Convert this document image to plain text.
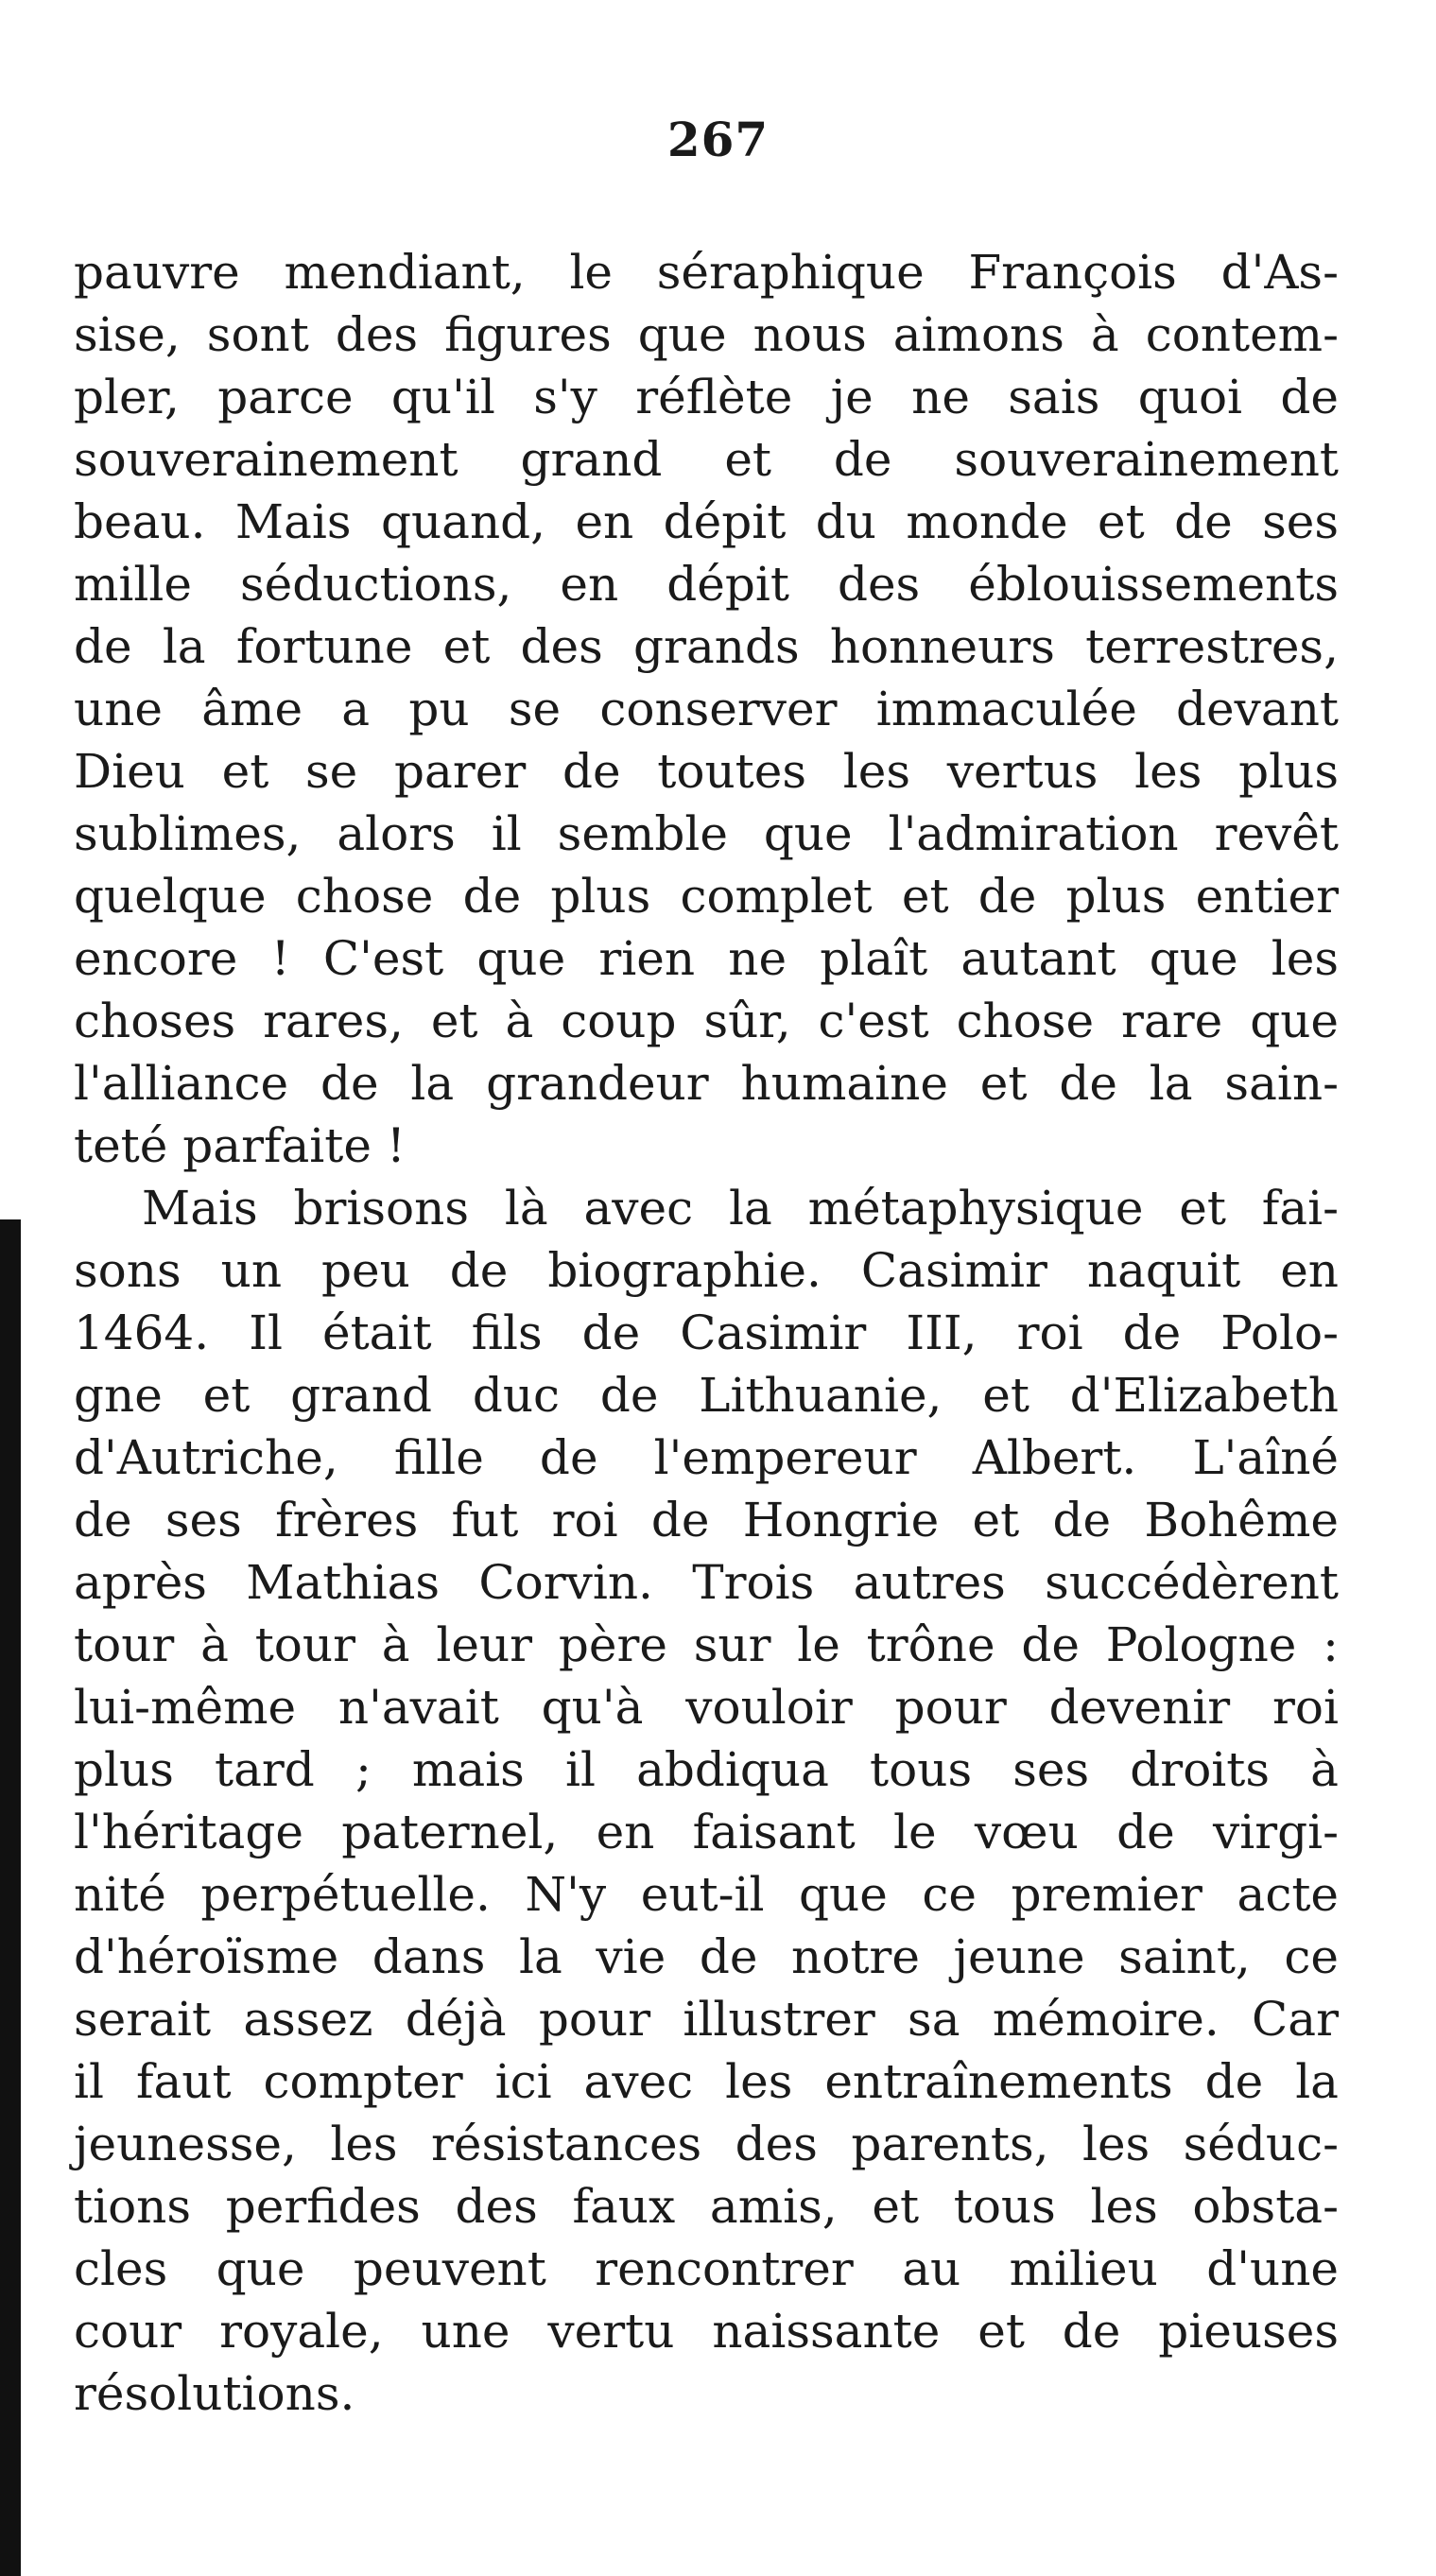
267
pauvre mendiant, le séraphique François d'As-
sise, sont des figures que nous aimons à contem-
pler, parce qu'il s'y réflète je ne sais quoi de
souverainement grand et de souverainement
beau. Mais quand, en dépit du monde et de ses
mille séductions, en dépit des éblouissements
de la fortune et des grands honneurs terrestres,
une âme a pu se conserver immaculée devant
Dieu et se parer de toutes les vertus les plus
sublimes, alors il semble que l'admiration revêt
quelque chose de plus complet et de plus entier
encore ! C'est que rien ne plaît autant que les
choses rares, et à coup sûr, c'est chose rare que
l'alliance de la grandeur humaine et de la sain-
teté parfaite !
Mais brisons là avec la métaphysique et fai-
sons un peu de biographie. Casimir naquit en
1464. Il était fils de Casimir III, roi de Polo-
gne et grand duc de Lithuanie, et d'Elizabeth
d'Autriche, fille de l'empereur Albert. L'aîné
de ses frères fut roi de Hongrie et de Bohême
après Mathias Corvin. Trois autres succédèrent
tour à tour à leur père sur le trône de Pologne :
lui-même n'avait qu'à vouloir pour devenir roi
plus tard ; mais il abdiqua tous ses droits à
l'héritage paternel, en faisant le vœu de virgi-
nité perpétuelle. N'y eut-il que ce premier acte
d'héroïsme dans la vie de notre jeune saint, ce
serait assez déjà pour illustrer sa mémoire. Car
il faut compter ici avec les entraînements de la
jeunesse, les résistances des parents, les séduc-
tions perfides des faux amis, et tous les obsta-
cles que peuvent rencontrer au milieu d'une
cour royale, une vertu naissante et de pieuses
résolutions.
